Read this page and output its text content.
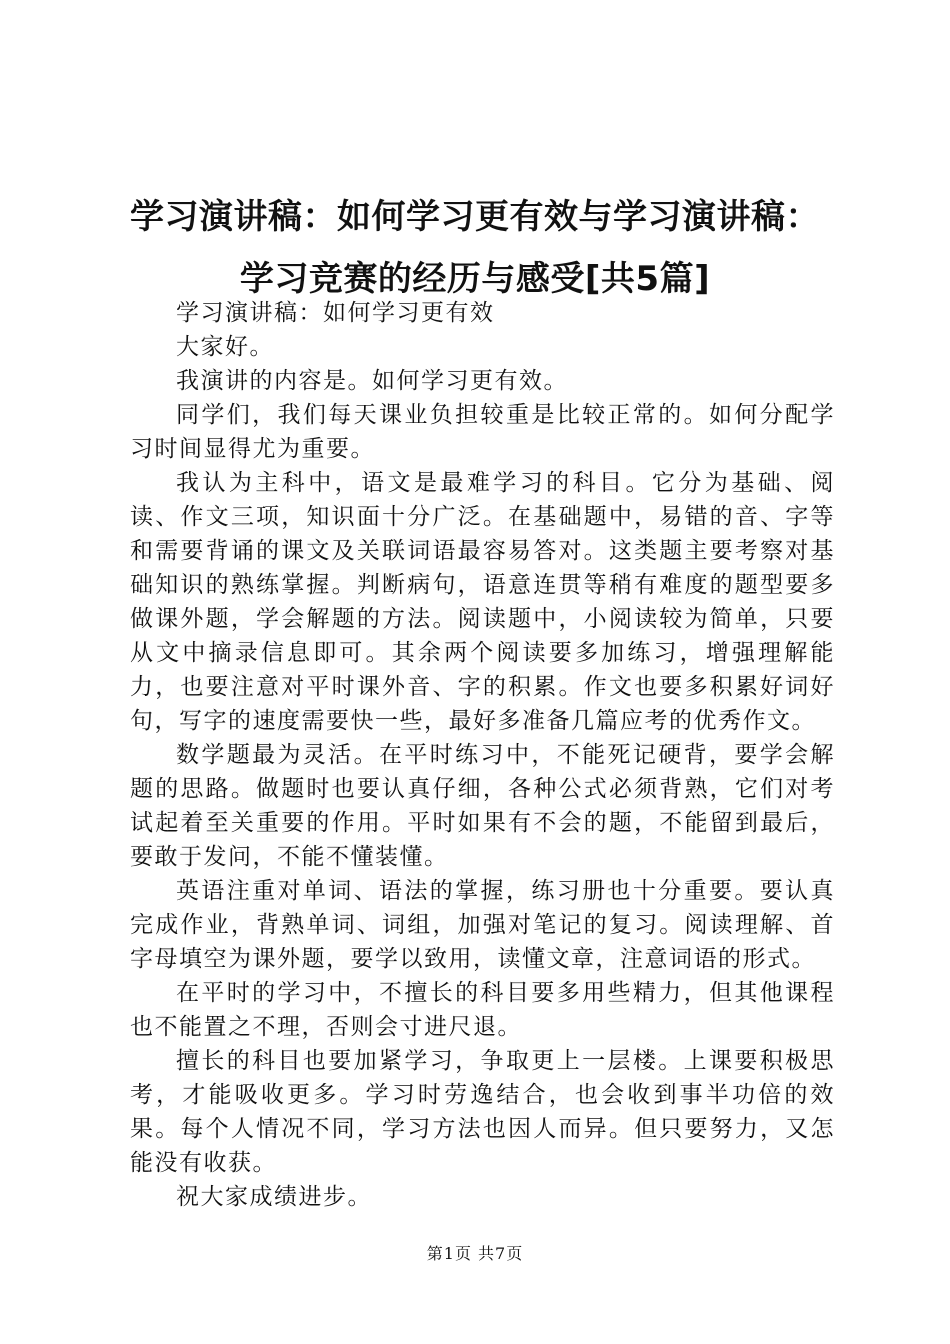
学习演讲稿：如何学习更有效与学习演讲稿：
学习竞赛的经历与感受[共5篇]

学习演讲稿：如何学习更有效

大家好。

我演讲的内容是。如何学习更有效。

同学们，我们每天课业负担较重是比较正常的。如何分配学习时间显得尤为重要。

我认为主科中，语文是最难学习的科目。它分为基础、阅读、作文三项，知识面十分广泛。在基础题中，易错的音、字等和需要背诵的课文及关联词语最容易答对。这类题主要考察对基础知识的熟练掌握。判断病句，语意连贯等稍有难度的题型要多做课外题，学会解题的方法。阅读题中，小阅读较为简单，只要从文中摘录信息即可。其余两个阅读要多加练习，增强理解能力，也要注意对平时课外音、字的积累。作文也要多积累好词好句，写字的速度需要快一些，最好多准备几篇应考的优秀作文。

数学题最为灵活。在平时练习中，不能死记硬背，要学会解题的思路。做题时也要认真仔细，各种公式必须背熟，它们对考试起着至关重要的作用。平时如果有不会的题，不能留到最后，要敢于发问，不能不懂装懂。

英语注重对单词、语法的掌握，练习册也十分重要。要认真完成作业，背熟单词、词组，加强对笔记的复习。阅读理解、首字母填空为课外题，要学以致用，读懂文章，注意词语的形式。

在平时的学习中，不擅长的科目要多用些精力，但其他课程也不能置之不理，否则会寸进尺退。

擅长的科目也要加紧学习，争取更上一层楼。上课要积极思考，才能吸收更多。学习时劳逸结合，也会收到事半功倍的效果。每个人情况不同，学习方法也因人而异。但只要努力，又怎能没有收获。

祝大家成绩进步。

第1页 共7页
